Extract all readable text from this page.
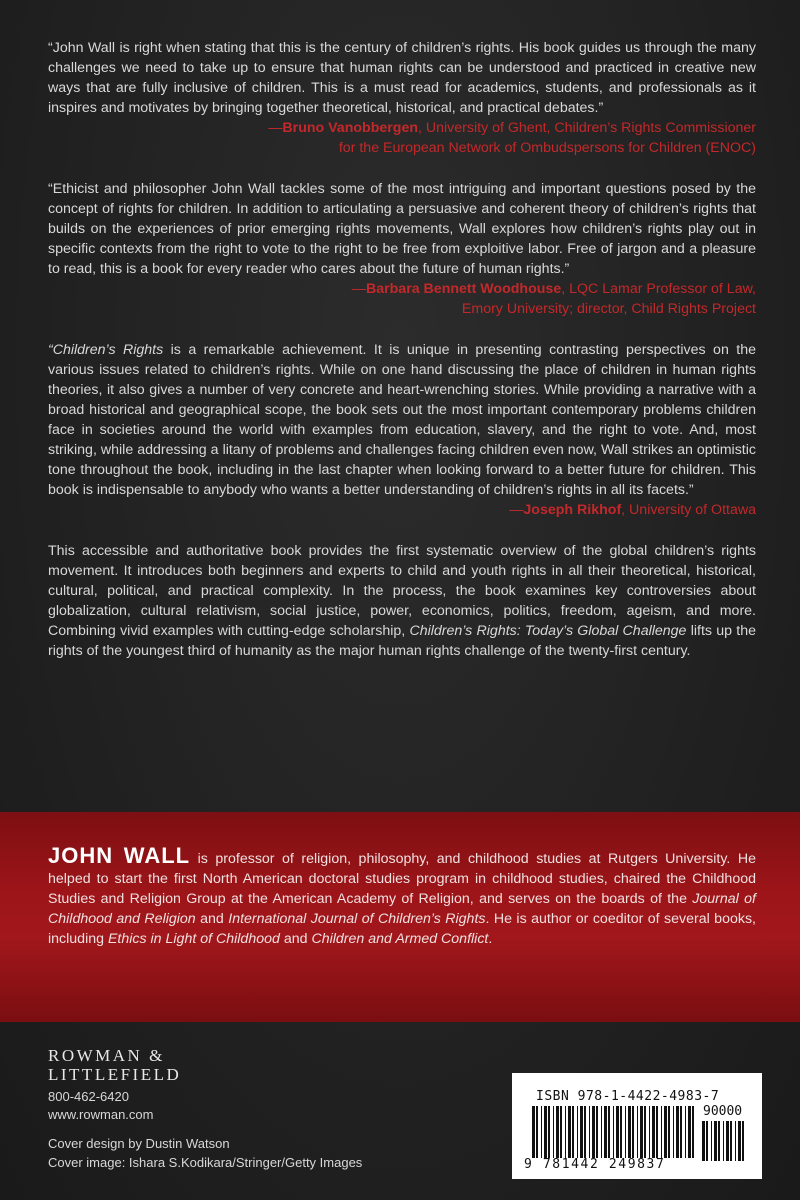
“John Wall is right when stating that this is the century of children’s rights. His book guides us through the many challenges we need to take up to ensure that human rights can be understood and practiced in creative new ways that are fully inclusive of children. This is a must read for academics, students, and professionals as it inspires and motivates by bringing together theoretical, historical, and practical debates.”

—Bruno Vanobbergen, University of Ghent, Children’s Rights Commissioner
for the European Network of Ombudspersons for Children (ENOC)

“Ethicist and philosopher John Wall tackles some of the most intriguing and important questions posed by the concept of rights for children. In addition to articulating a persuasive and coherent theory of children’s rights that builds on the experiences of prior emerging rights movements, Wall explores how children’s rights play out in specific contexts from the right to vote to the right to be free from exploitive labor. Free of jargon and a pleasure to read, this is a book for every reader who cares about the future of human rights.”

—Barbara Bennett Woodhouse, LQC Lamar Professor of Law,
Emory University; director, Child Rights Project

“Children’s Rights is a remarkable achievement. It is unique in presenting contrasting perspectives on the various issues related to children’s rights. While on one hand discussing the place of children in human rights theories, it also gives a number of very concrete and heart-wrenching stories. While providing a narrative with a broad historical and geographical scope, the book sets out the most important contemporary problems children face in societies around the world with examples from education, slavery, and the right to vote. And, most striking, while addressing a litany of problems and challenges facing children even now, Wall strikes an optimistic tone throughout the book, including in the last chapter when looking forward to a better future for children. This book is indispensable to anybody who wants a better understanding of children’s rights in all its facets.”

—Joseph Rikhof, University of Ottawa

This accessible and authoritative book provides the first systematic overview of the global children’s rights movement. It introduces both beginners and experts to child and youth rights in all their theoretical, historical, cultural, political, and practical complexity. In the process, the book examines key controversies about globalization, cultural relativism, social justice, power, economics, politics, freedom, ageism, and more. Combining vivid examples with cutting-edge scholarship, Children’s Rights: Today’s Global Challenge lifts up the rights of the youngest third of humanity as the major human rights challenge of the twenty-first century.

JOHN WALL is professor of religion, philosophy, and childhood studies at Rutgers University. He helped to start the first North American doctoral studies program in childhood studies, chaired the Childhood Studies and Religion Group at the American Academy of Religion, and serves on the boards of the Journal of Childhood and Religion and International Journal of Children’s Rights. He is author or coeditor of several books, including Ethics in Light of Childhood and Children and Armed Conflict.
ROWMAN &
LITTLEFIELD
800-462-6420
www.rowman.com
Cover design by Dustin Watson
Cover image: Ishara S.Kodikara/Stringer/Getty Images
ISBN 978-1-4422-4983-7
90000
9 781442 249837
